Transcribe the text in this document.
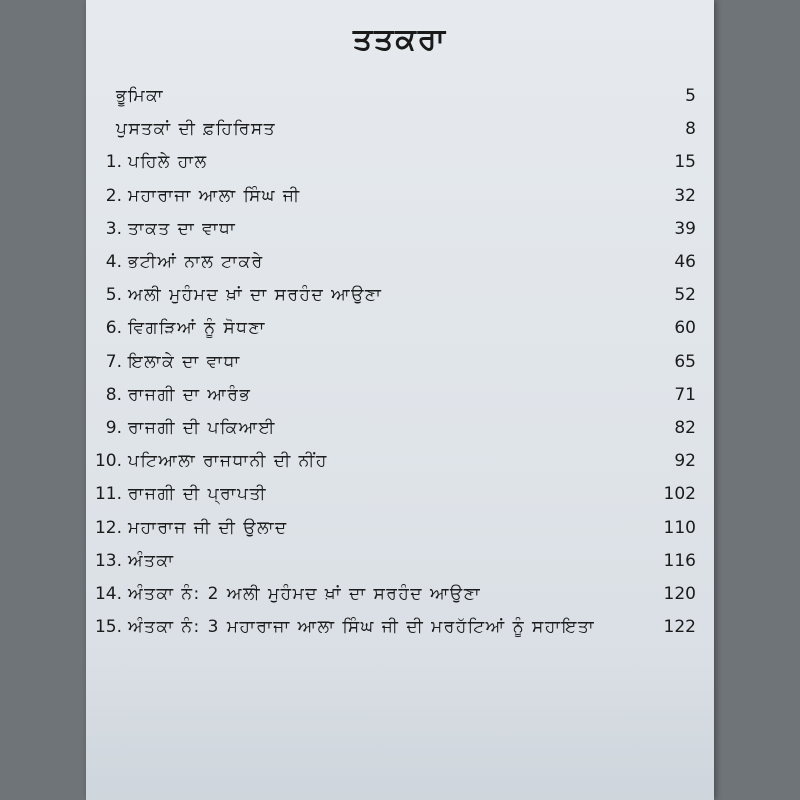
ਤਤਕਰਾ
ਭੂਮਿਕਾ	5
ਪੁਸਤਕਾਂ ਦੀ ਫ਼ਹਿਰਿਸਤ	8
1. ਪਹਿਲੇ ਹਾਲ	15
2. ਮਹਾਰਾਜਾ ਆਲਾ ਸਿੰਘ ਜੀ	32
3. ਤਾਕਤ ਦਾ ਵਾਧਾ	39
4. ਭਟੀਆਂ ਨਾਲ ਟਾਕਰੇ	46
5. ਅਲੀ ਮੁਹੰਮਦ ਖ਼ਾਂ ਦਾ ਸਰਹੰਦ ਆਉਣਾ	52
6. ਵਿਗੜਿਆਂ ਨੂੰ ਸੋਧਣਾ	60
7. ਇਲਾਕੇ ਦਾ ਵਾਧਾ	65
8. ਰਾਜਗੀ ਦਾ ਆਰੰਭ	71
9. ਰਾਜਗੀ ਦੀ ਪਕਿਆਈ	82
10. ਪਟਿਆਲਾ ਰਾਜਧਾਨੀ ਦੀ ਨੀਂਹ	92
11. ਰਾਜਗੀ ਦੀ ਪ੍ਰਾਪਤੀ	102
12. ਮਹਾਰਾਜ ਜੀ ਦੀ ਉਲਾਦ	110
13. ਅੰਤਕਾ	116
14. ਅੰਤਕਾ ਨੰ: 2 ਅਲੀ ਮੁਹੰਮਦ ਖ਼ਾਂ ਦਾ ਸਰਹੰਦ ਆਉਣਾ	120
15. ਅੰਤਕਾ ਨੰ: 3 ਮਹਾਰਾਜਾ ਆਲਾ ਸਿੰਘ ਜੀ ਦੀ ਮਰਹੱਟਿਆਂ ਨੂੰ ਸਹਾਇਤਾ	122
